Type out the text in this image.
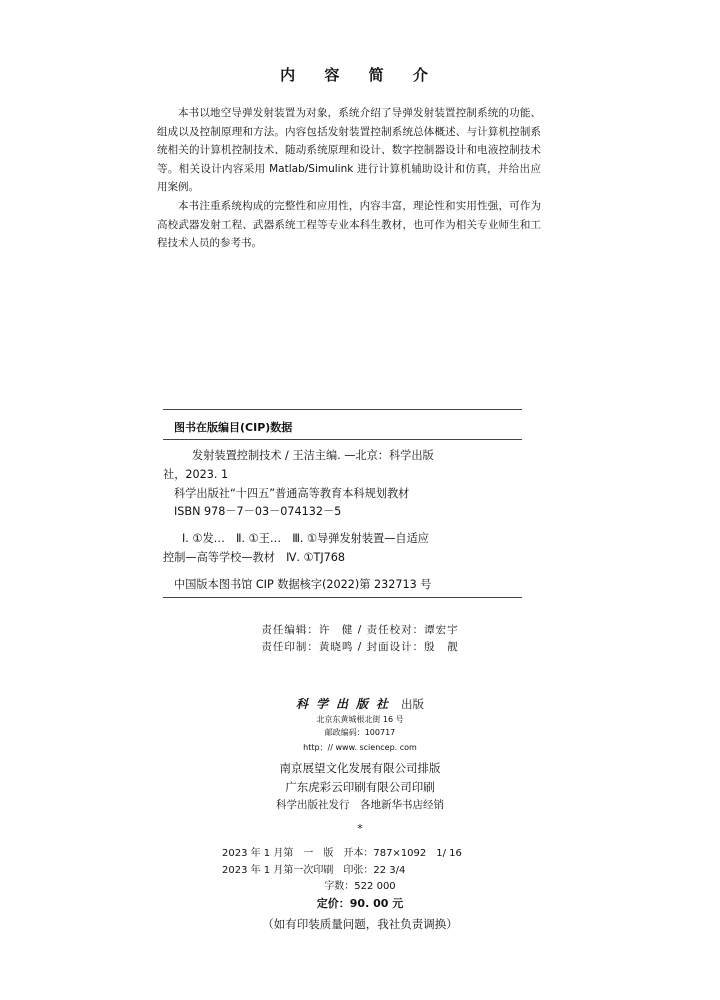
内 容 简 介

本书以地空导弹发射装置为对象，系统介绍了导弹发射装置控制系统的功能、组成以及控制原理和方法。内容包括发射装置控制系统总体概述、与计算机控制系统相关的计算机控制技术、随动系统原理和设计、数字控制器设计和电液控制技术等。相关设计内容采用 Matlab/Simulink 进行计算机辅助设计和仿真，并给出应用案例。

本书注重系统构成的完整性和应用性，内容丰富，理论性和实用性强，可作为高校武器发射工程、武器系统工程等专业本科生教材，也可作为相关专业师生和工程技术人员的参考书。

图书在版编目(CIP)数据
发射装置控制技术 / 王洁主编. —北京：科学出版
社，2023. 1
科学出版社“十四五”普通高等教育本科规划教材
ISBN 978－7－03－074132－5
Ⅰ. ①发…　Ⅱ. ①王…　Ⅲ. ①导弹发射装置—自适应
控制—高等学校—教材　Ⅳ. ①TJ768
中国版本图书馆 CIP 数据核字(2022)第 232713 号
责任编辑：许　健 / 责任校对：谭宏宇
责任印制：黄晓鸣 / 封面设计：殷　靓
科学出版社 出版
北京东黄城根北街 16 号
邮政编码：100717
http：// www. sciencep. com
南京展望文化发展有限公司排版
广东虎彩云印刷有限公司印刷
科学出版社发行　各地新华书店经销
*
2023 年 1 月第　一　版　开本：787×1092　1/ 16
2023 年 1 月第一次印刷　印张：22 3/4
字数：522 000
定价：90. 00 元
（如有印装质量问题，我社负责调换）
